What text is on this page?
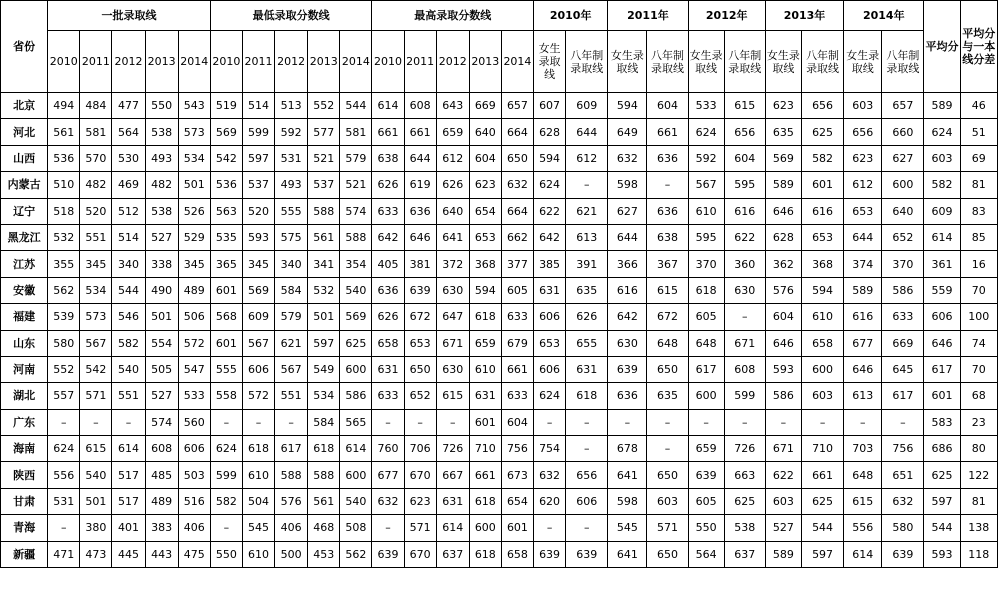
省份	一批录取线					最低录取分数线					最高录取分数线					2010年		2011年		2012年		2013年		2014年		平均分	平均分与一本线分差
	2010	2011	2012	2013	2014	2010	2011	2012	2013	2014	2010	2011	2012	2013	2014	女生录取线	八年制录取线	女生录取线	八年制录取线	女生录取线	八年制录取线	女生录取线	八年制录取线	女生录取线	八年制录取线		
北京	494	484	477	550	543	519	514	513	552	544	614	608	643	669	657	607	609	594	604	533	615	623	656	603	657	589	46
河北	561	581	564	538	573	569	599	592	577	581	661	661	659	640	664	628	644	649	661	624	656	635	625	656	660	624	51
山西	536	570	530	493	534	542	597	531	521	579	638	644	612	604	650	594	612	632	636	592	604	569	582	623	627	603	69
内蒙古	510	482	469	482	501	536	537	493	537	521	626	619	626	623	632	624	–	598	–	567	595	589	601	612	600	582	81
辽宁	518	520	512	538	526	563	520	555	588	574	633	636	640	654	664	622	621	627	636	610	616	646	616	653	640	609	83
黑龙江	532	551	514	527	529	535	593	575	561	588	642	646	641	653	662	642	613	644	638	595	622	628	653	644	652	614	85
江苏	355	345	340	338	345	365	345	340	341	354	405	381	372	368	377	385	391	366	367	370	360	362	368	374	370	361	16
安徽	562	534	544	490	489	601	569	584	532	540	636	639	630	594	605	631	635	616	615	618	630	576	594	589	586	559	70
福建	539	573	546	501	506	568	609	579	501	569	626	672	647	618	633	606	626	642	672	605	–	604	610	616	633	606	100
山东	580	567	582	554	572	601	567	621	597	625	658	653	671	659	679	653	655	630	648	648	671	646	658	677	669	646	74
河南	552	542	540	505	547	555	606	567	549	600	631	650	630	610	661	606	631	639	650	617	608	593	600	646	645	617	70
湖北	557	571	551	527	533	558	572	551	534	586	633	652	615	631	633	624	618	636	635	600	599	586	603	613	617	601	68
广东	–	–	–	574	560	–	–	–	584	565	–	–	–	601	604	–	–	–	–	–	–	–	–	–	–	583	23
海南	624	615	614	608	606	624	618	617	618	614	760	706	726	710	756	754	–	678	–	659	726	671	710	703	756	686	80
陕西	556	540	517	485	503	599	610	588	588	600	677	670	667	661	673	632	656	641	650	639	663	622	661	648	651	625	122
甘肃	531	501	517	489	516	582	504	576	561	540	632	623	631	618	654	620	606	598	603	605	625	603	625	615	632	597	81
青海	–	380	401	383	406	–	545	406	468	508	–	571	614	600	601	–	–	545	571	550	538	527	544	556	580	544	138
新疆	471	473	445	443	475	550	610	500	453	562	639	670	637	618	658	639	639	641	650	564	637	589	597	614	639	593	118
